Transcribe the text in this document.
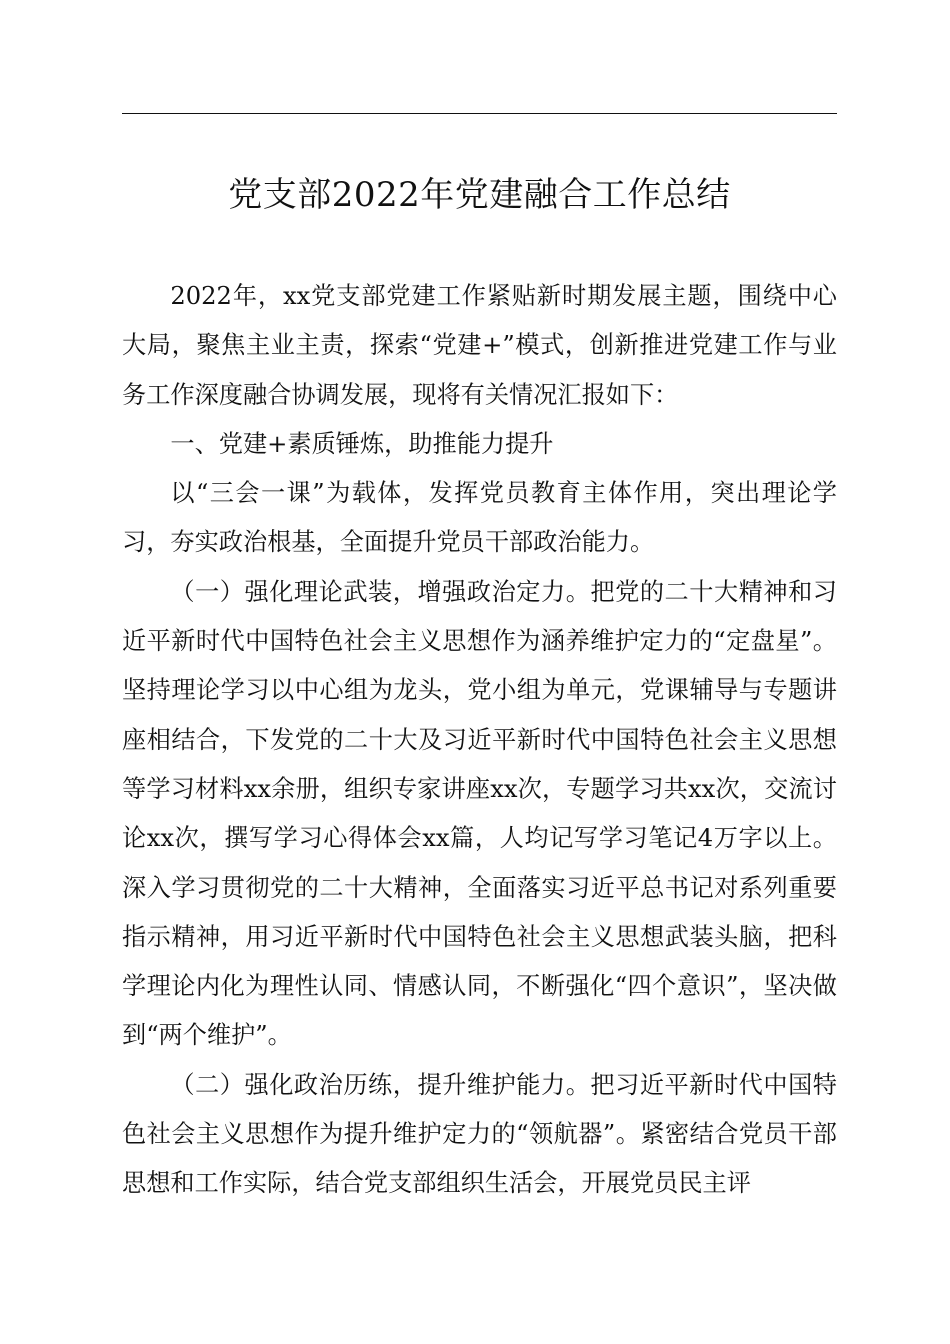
党支部2022年党建融合工作总结

2022年，xx党支部党建工作紧贴新时期发展主题，围绕中心大局，聚焦主业主责，探索“党建+”模式，创新推进党建工作与业务工作深度融合协调发展，现将有关情况汇报如下：

一、党建+素质锤炼，助推能力提升

以“三会一课”为载体，发挥党员教育主体作用，突出理论学习，夯实政治根基，全面提升党员干部政治能力。

（一）强化理论武装，增强政治定力。把党的二十大精神和习近平新时代中国特色社会主义思想作为涵养维护定力的“定盘星”。坚持理论学习以中心组为龙头，党小组为单元，党课辅导与专题讲座相结合，下发党的二十大及习近平新时代中国特色社会主义思想等学习材料xx余册，组织专家讲座xx次，专题学习共xx次，交流讨论xx次，撰写学习心得体会xx篇，人均记写学习笔记4万字以上。深入学习贯彻党的二十大精神，全面落实习近平总书记对系列重要指示精神，用习近平新时代中国特色社会主义思想武装头脑，把科学理论内化为理性认同、情感认同，不断强化“四个意识”，坚决做到“两个维护”。

（二）强化政治历练，提升维护能力。把习近平新时代中国特色社会主义思想作为提升维护定力的“领航器”。紧密结合党员干部思想和工作实际，结合党支部组织生活会，开展党员民主评
